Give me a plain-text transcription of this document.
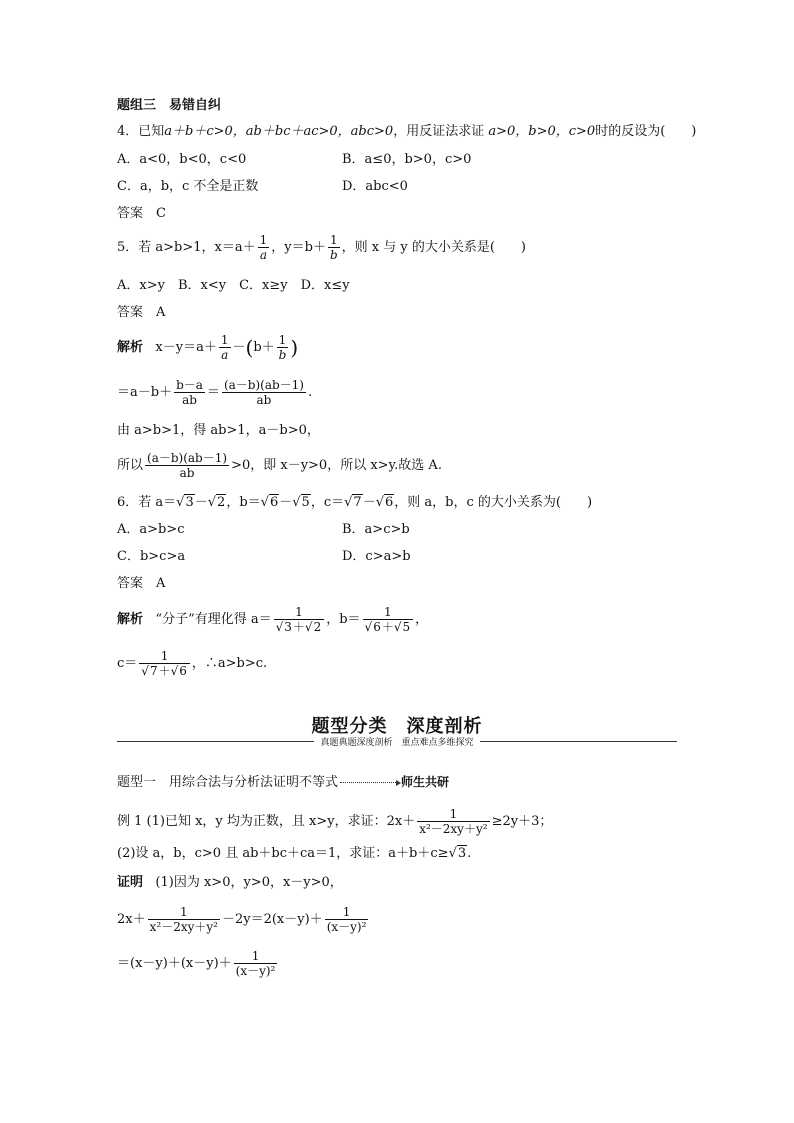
题组三　易错自纠
4．已知a＋b＋c>0，ab＋bc＋ac>0，abc>0，用反证法求证 a>0，b>0，c>0时的反设为(　　)
A．a<0，b<0，c<0	B．a≤0，b>0，c>0
C．a，b，c 不全是正数	D．abc<0
答案　C
5．若 a>b>1，$x=a+ \frac{1}{a}$ ，$y=b+ \frac{1}{b}$ ，则 x 与 y 的大小关系是(　　)
A．x>y　B．x<y　C．x≥y　D．x≤y
答案　A
解析 $x-y=a+ \frac{1}{a} -(b+ \frac{1}{b}$ )
$=a-b+ \frac{b-a}{ab} = \frac{(a-b)(ab-1)}{ab}$ .
由 a>b>1，得 ab>1，a－b>0，
所以 $\frac{(a-b)(ab-1)}{ab} >0$，即 x－y>0，所以 x>y.故选 A.
6．若 a＝√3－√2，b＝√6－√5，c＝√7－√6，则 a，b，c 的大小关系为(　　)
A．a>b>c	B．a>c>b
C．b>c>a	D．c>a>b
答案　A
解析 “分子”有理化得 $a= \frac{1}{√3+√2}$ ，$b= \frac{1}{√6+√5}$ ，
$c= \frac{1}{√7+√6}$ ，∴a>b>c.
题型分类　深度剖析
真题典题深度剖析　重点难点多维探究
题型一　用综合法与分析法证明不等式	师生共研
例 1 (1)已知 x，y 均为正数，且 x>y，求证：$2x+ \frac{1}{\text{x²－2xy＋y²}} \ge 2y+3$；
(2)设 a，b，c>0 且 ab＋bc＋ca＝1，求证：a＋b＋c≥√3.
证明 (1)因为 x>0，y>0，x－y>0，
$2x+ \frac{1}{\text{x²－2xy＋y²}} -2y=2(x-y)+ \frac{1}{\text{(x－y)²}}$
$=(x-y)+(x-y)+ \frac{1}{\text{(x－y)²}}$
